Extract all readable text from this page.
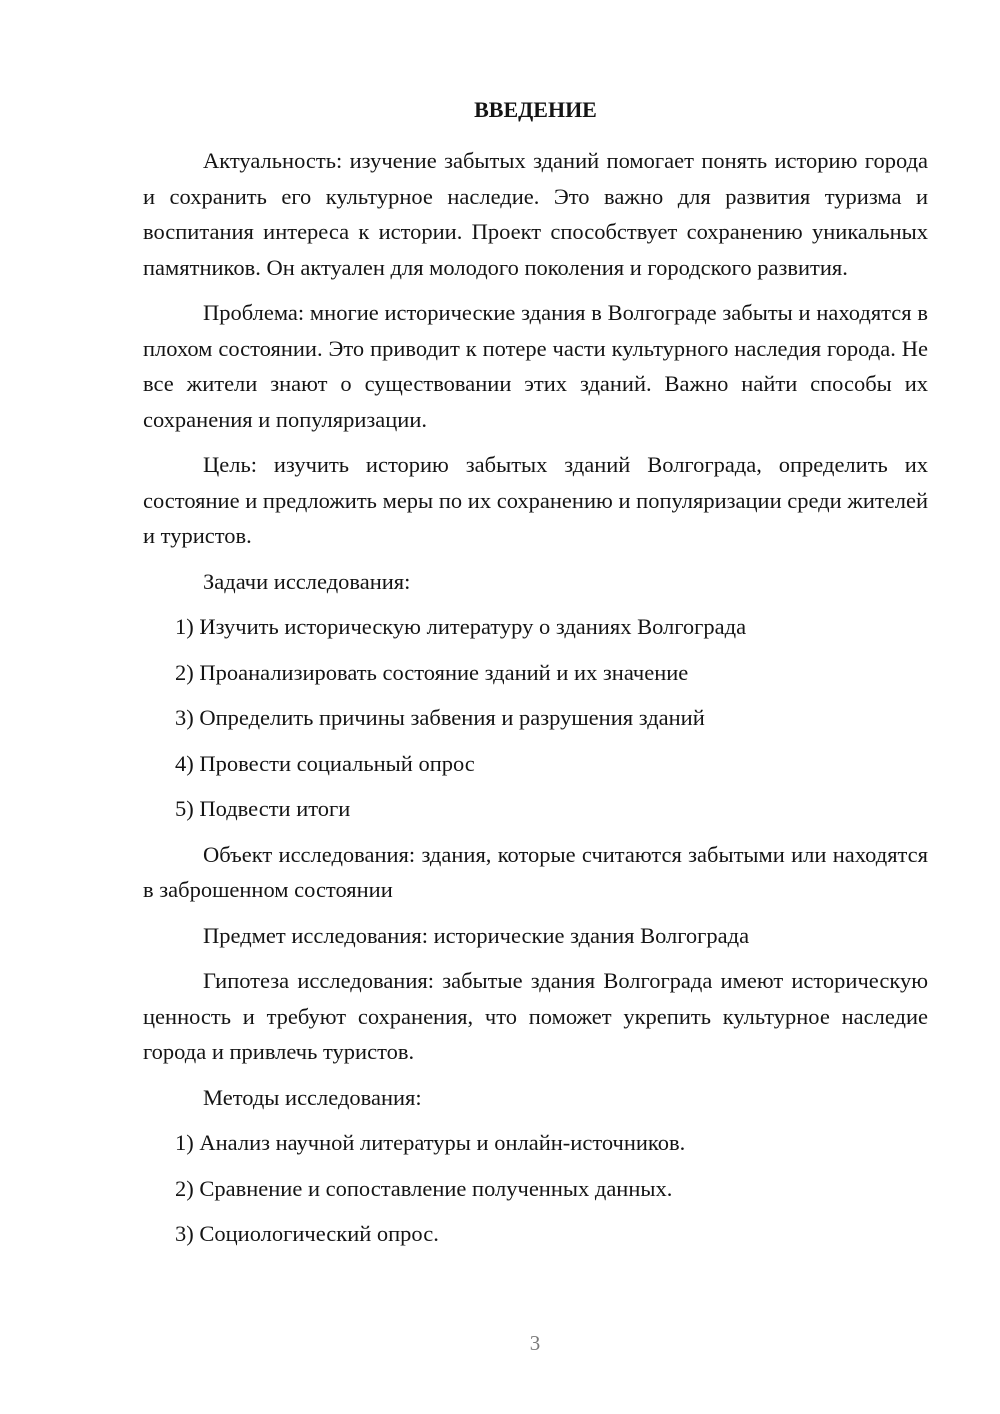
ВВЕДЕНИЕ

Актуальность: изучение забытых зданий помогает понять историю города и сохранить его культурное наследие. Это важно для развития туризма и воспитания интереса к истории. Проект способствует сохранению уникальных памятников. Он актуален для молодого поколения и городского развития.

Проблема: многие исторические здания в Волгограде забыты и находятся в плохом состоянии. Это приводит к потере части культурного наследия города. Не все жители знают о существовании этих зданий. Важно найти способы их сохранения и популяризации.

Цель: изучить историю забытых зданий Волгограда, определить их состояние и предложить меры по их сохранению и популяризации среди жителей и туристов.

Задачи исследования:

1) Изучить историческую литературу о зданиях Волгограда
2) Проанализировать состояние зданий и их значение
3) Определить причины забвения и разрушения зданий
4) Провести социальный опрос
5) Подвести итоги

Объект исследования: здания, которые считаются забытыми или находятся в заброшенном состоянии

Предмет исследования: исторические здания Волгограда

Гипотеза исследования: забытые здания Волгограда имеют историческую ценность и требуют сохранения, что поможет укрепить культурное наследие города и привлечь туристов.

Методы исследования:

1) Анализ научной литературы и онлайн-источников.
2) Сравнение и сопоставление полученных данных.
3) Социологический опрос.
3
